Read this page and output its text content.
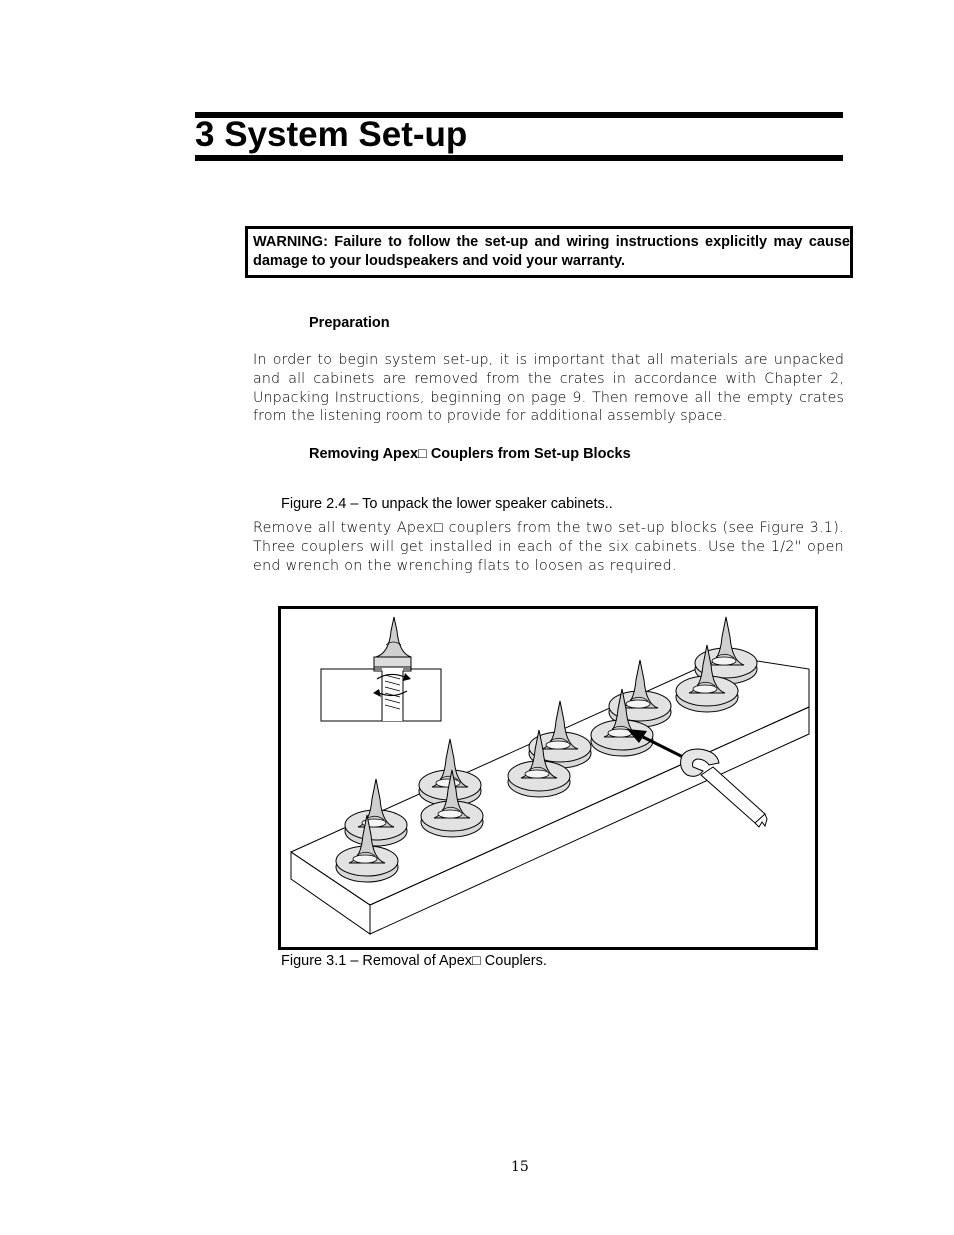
3 System Set-up
WARNING: Failure to follow the set-up and wiring instructions explicitly may cause damage to your loudspeakers and void your warranty.
Preparation
In order to begin system set-up, it is important that all materials are unpacked and all cabinets are removed from the crates in accordance with Chapter 2, Unpacking Instructions, beginning on page 9. Then remove all the empty crates from the listening room to provide for additional assembly space.
Removing Apex□ Couplers from Set-up Blocks
Figure 2.4 – To unpack the lower speaker cabinets..
Remove all twenty Apex□ couplers from the two set-up blocks (see Figure 3.1). Three couplers will get installed in each of the six cabinets. Use the 1/2" open end wrench on the wrenching flats to loosen as required.
Figure 3.1 – Removal of Apex□ Couplers.
15
